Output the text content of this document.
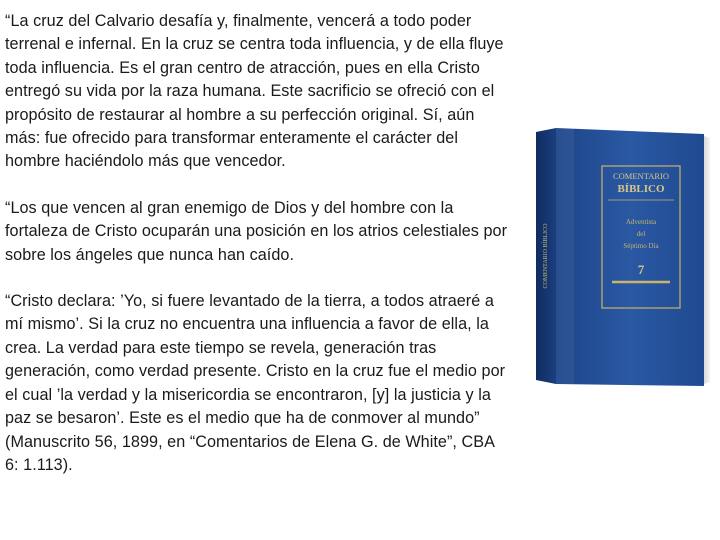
“La cruz del Calvario desafía y, finalmente, vencerá a todo poder terrenal e infernal. En la cruz se centra toda influencia, y de ella fluye toda influencia. Es el gran centro de atracción, pues en ella Cristo entregó su vida por la raza humana. Este sacrificio se ofreció con el propósito de restaurar al hombre a su perfección original. Sí, aún más: fue ofrecido para transformar enteramente el carácter del hombre haciéndolo más que vencedor.

“Los que vencen al gran enemigo de Dios y del hombre con la fortaleza de Cristo ocuparán una posición en los atrios celestiales por sobre los ángeles que nunca han caído.

“Cristo declara: ’Yo, si fuere levantado de la tierra, a todos atraeré a mí mismo’. Si la cruz no encuentra una influencia a favor de ella, la crea. La verdad para este tiempo se revela, generación tras generación, como verdad presente. Cristo en la cruz fue el medio por el cual ’la verdad y la misericordia se encontraron, [y] la justicia y la paz se besaron’. Este es el medio que ha de conmover al mundo” (Manuscrito 56, 1899, en “Comentarios de Elena G. de White”, CBA 6: 1.113).

COMENTARIO BÍBLICO
COMENTARIO
BÍBLICO
Adventista
del
Séptimo Día
7
